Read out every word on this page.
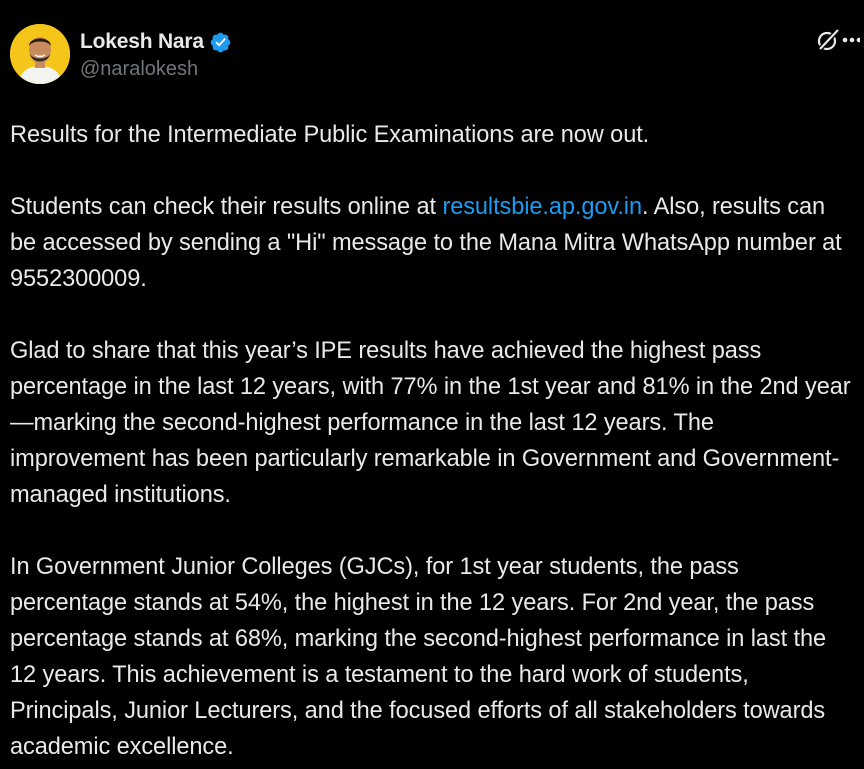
Lokesh Nara
@naralokesh

Results for the Intermediate Public Examinations are now out.

Students can check their results online at resultsbie.ap.gov.in. Also, results can be accessed by sending a "Hi" message to the Mana Mitra WhatsApp number at 9552300009.

Glad to share that this year’s IPE results have achieved the highest pass percentage in the last 12 years, with 77% in the 1st year and 81% in the 2nd year—marking the second-highest performance in the last 12 years. The improvement has been particularly remarkable in Government and Government-managed institutions.

In Government Junior Colleges (GJCs), for 1st year students, the pass percentage stands at 54%, the highest in the 12 years. For 2nd year, the pass percentage stands at 68%, marking the second-highest performance in last the 12 years. This achievement is a testament to the hard work of students, Principals, Junior Lecturers, and the focused efforts of all stakeholders towards academic excellence.
